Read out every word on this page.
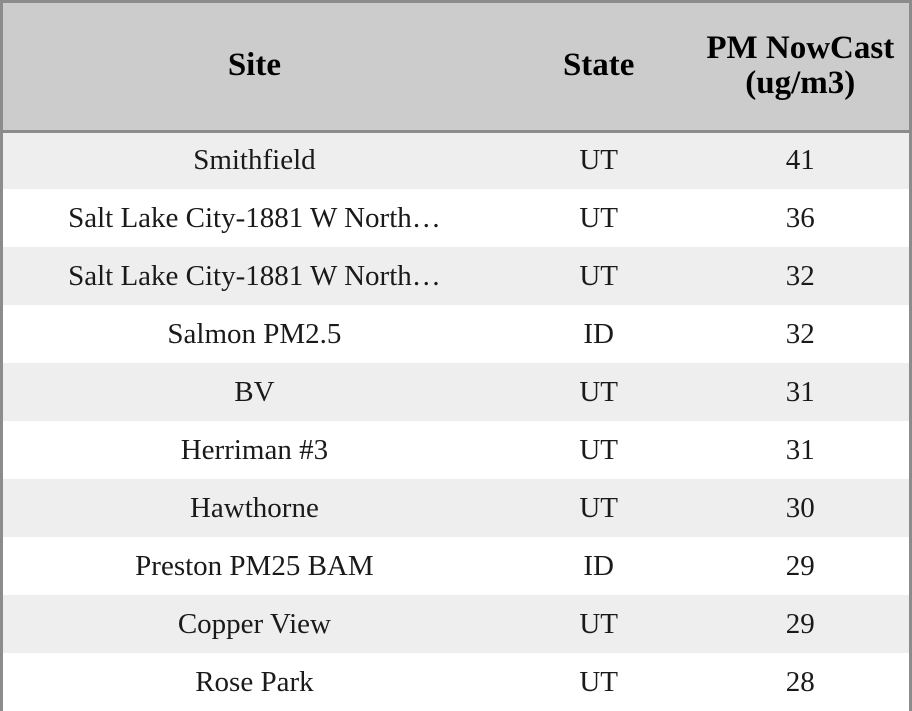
Site	State	PM NowCast (ug/m3)
Smithfield	UT	41
Salt Lake City-1881 W North…	UT	36
Salt Lake City-1881 W North…	UT	32
Salmon PM2.5	ID	32
BV	UT	31
Herriman #3	UT	31
Hawthorne	UT	30
Preston PM25 BAM	ID	29
Copper View	UT	29
Rose Park	UT	28
